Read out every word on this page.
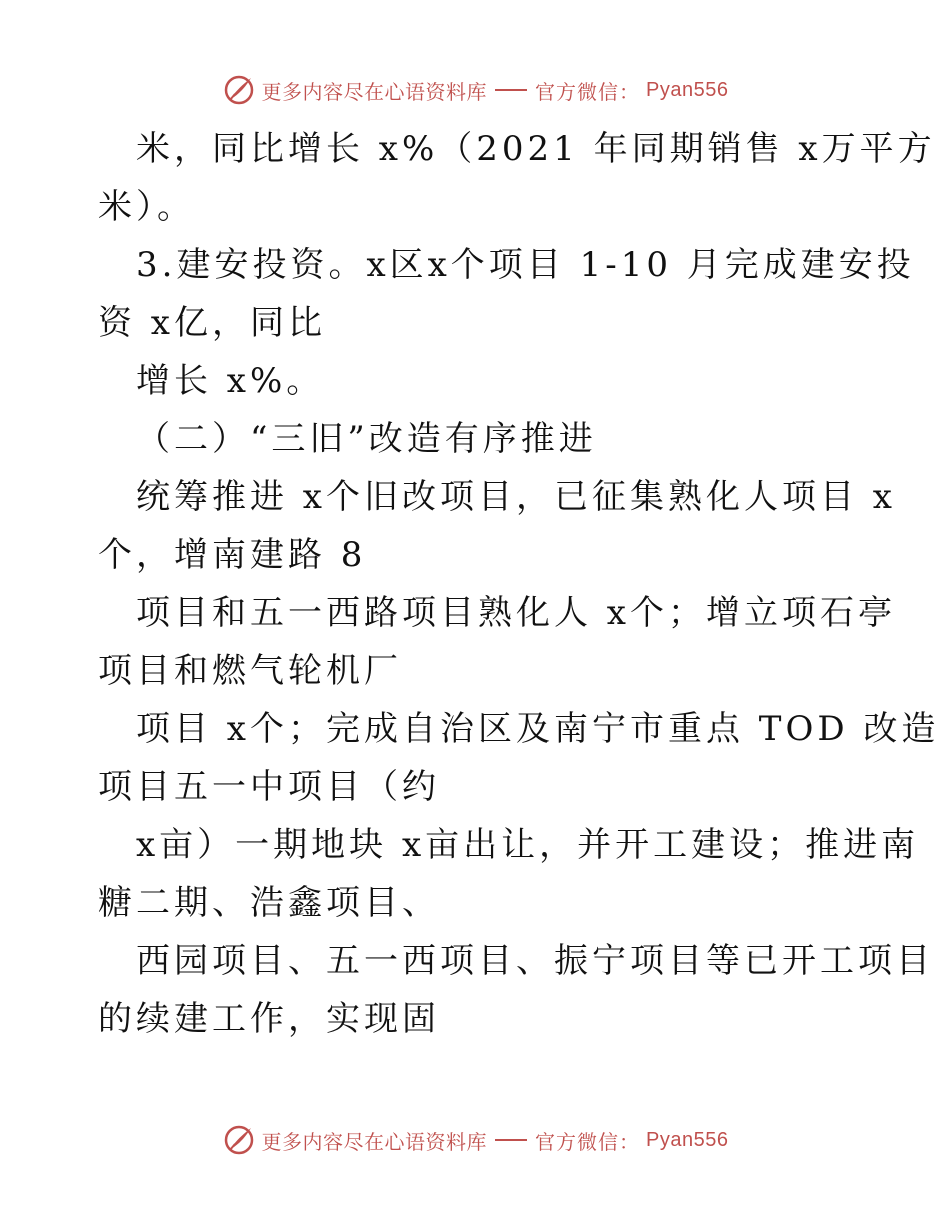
更多内容尽在心语资料库 官方微信： Pyan556
米，同比增长 x%（2021 年同期销售 x万平方
米）。
3.建安投资。x区x个项目 1-10 月完成建安投
资 x亿，同比
增长 x%。
（二）“三旧”改造有序推进
统筹推进 x个旧改项目，已征集熟化人项目 x
个，增南建路 8
项目和五一西路项目熟化人 x个；增立项石亭
项目和燃气轮机厂
项目 x个；完成自治区及南宁市重点 TOD 改造
项目五一中项目（约
x亩）一期地块 x亩出让，并开工建设；推进南
糖二期、浩鑫项目、
西园项目、五一西项目、振宁项目等已开工项目
的续建工作，实现固
更多内容尽在心语资料库 官方微信： Pyan556
